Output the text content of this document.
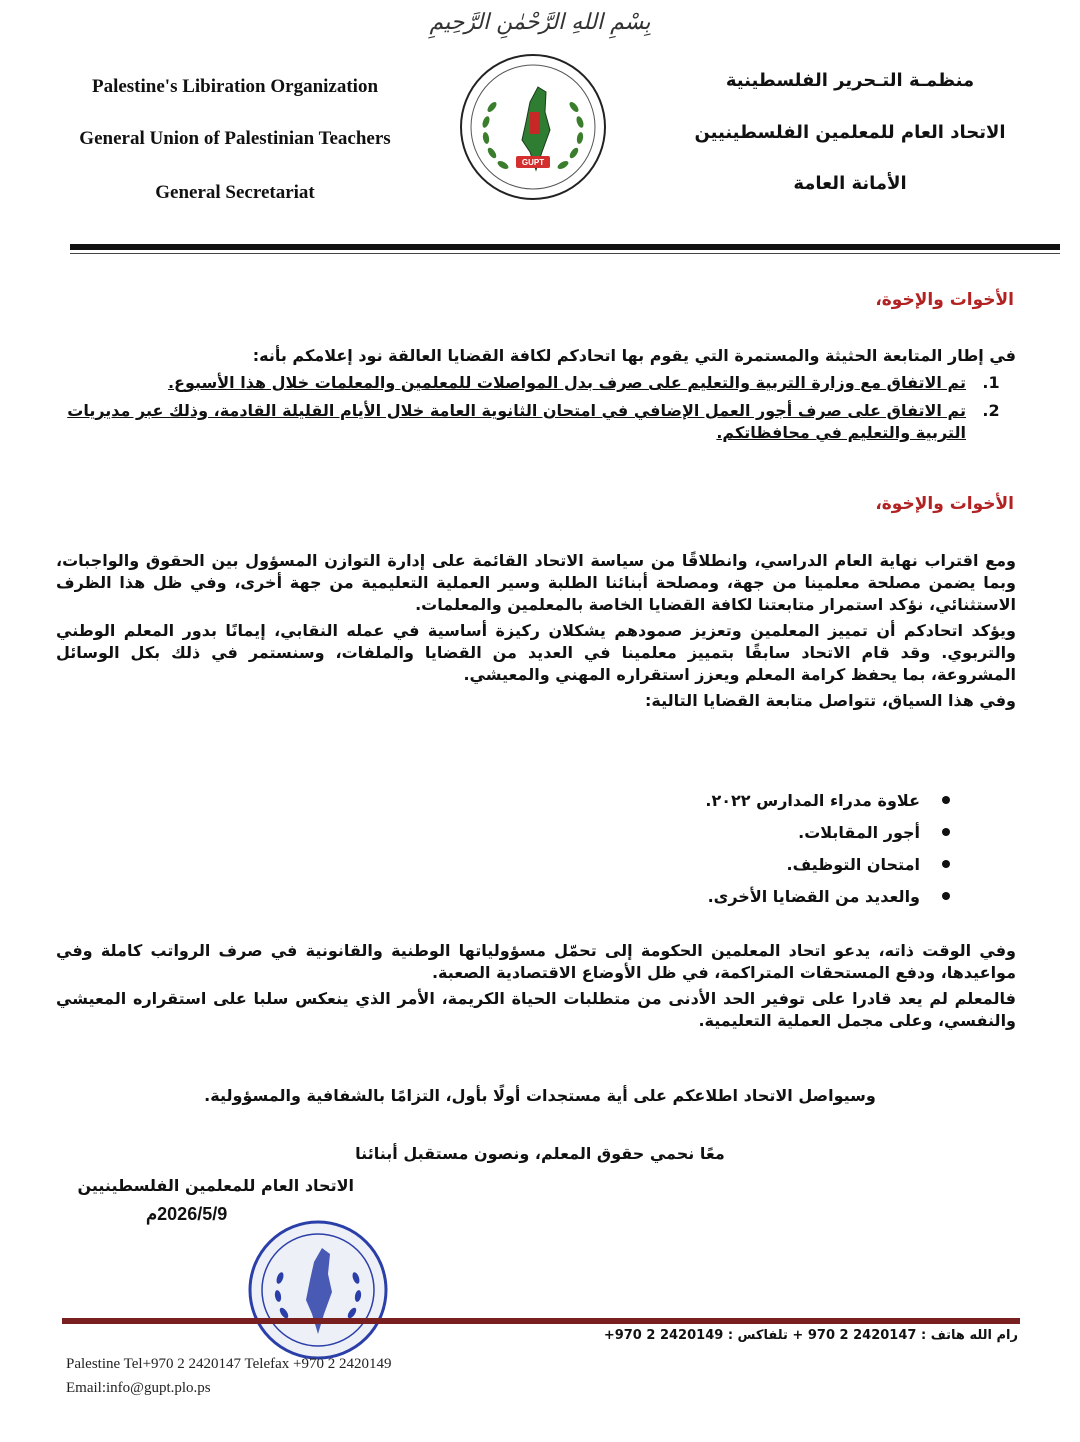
بِسْمِ اللهِ الرَّحْمٰنِ الرَّحِيمِ
Palestine's Libiration Organization
General Union of Palestinian Teachers
General Secretariat
GUPT
منظمـة التـحرير الفلسطينية
الاتحاد العام للمعلمين الفلسطينيين
الأمانة العامة
الأخوات والإخوة،
في إطار المتابعة الحثيثة والمستمرة التي يقوم بها اتحادكم لكافة القضايا العالقة نود إعلامكم بأنه:
1.
تم الاتفاق مع وزارة التربية والتعليم على صرف بدل المواصلات للمعلمين والمعلمات خلال هذا الأسبوع.
2.
تم الاتفاق على صرف أجور العمل الإضافي في امتحان الثانوية العامة خلال الأيام القليلة القادمة، وذلك عبر مديريات التربية والتعليم في محافظاتكم.
الأخوات والإخوة،

ومع اقتراب نهاية العام الدراسي، وانطلاقًا من سياسة الاتحاد القائمة على إدارة التوازن المسؤول بين الحقوق والواجبات، وبما يضمن مصلحة معلمينا من جهة، ومصلحة أبنائنا الطلبة وسير العملية التعليمية من جهة أخرى، وفي ظل هذا الظرف الاستثنائي، نؤكد استمرار متابعتنا لكافة القضايا الخاصة بالمعلمين والمعلمات.

ويؤكد اتحادكم أن تمييز المعلمين وتعزيز صمودهم يشكلان ركيزة أساسية في عمله النقابي، إيمانًا بدور المعلم الوطني والتربوي. وقد قام الاتحاد سابقًا بتمييز معلمينا في العديد من القضايا والملفات، وسنستمر في ذلك بكل الوسائل المشروعة، بما يحفظ كرامة المعلم ويعزز استقراره المهني والمعيشي.

وفي هذا السياق، تتواصل متابعة القضايا التالية:

علاوة مدراء المدارس ٢٠٢٢.
أجور المقابلات.
امتحان التوظيف.
والعديد من القضايا الأخرى.

وفي الوقت ذاته، يدعو اتحاد المعلمين الحكومة إلى تحمّل مسؤولياتها الوطنية والقانونية في صرف الرواتب كاملة وفي مواعيدها، ودفع المستحقات المتراكمة، في ظل الأوضاع الاقتصادية الصعبة.

فالمعلم لم يعد قادرا على توفير الحد الأدنى من متطلبات الحياة الكريمة، الأمر الذي ينعكس سلبا على استقراره المعيشي والنفسي، وعلى مجمل العملية التعليمية.

وسيواصل الاتحاد اطلاعكم على أية مستجدات أولًا بأول، التزامًا بالشفافية والمسؤولية.
معًا نحمي حقوق المعلم، ونصون مستقبل أبنائنا
الاتحاد العام للمعلمين الفلسطينيين
2026/5/9م
رام الله هاتف : 2420147 2 970 + تلفاكس : 2420149 2 970+
Palestine Tel+970 2 2420147 Telefax +970 2 2420149
Email:info@gupt.plo.ps
